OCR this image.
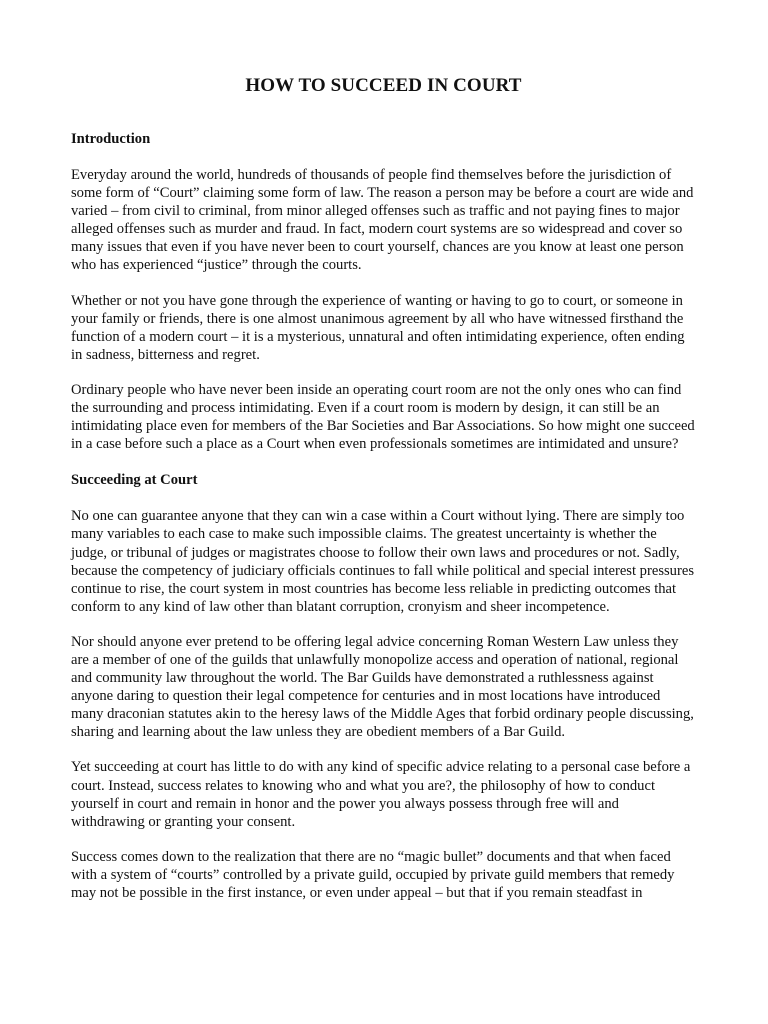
HOW TO SUCCEED IN COURT
Introduction

Everyday around the world, hundreds of thousands of people find themselves before the jurisdiction of some form of “Court” claiming some form of law. The reason a person may be before a court are wide and varied – from civil to criminal, from minor alleged offenses such as traffic and not paying fines to major alleged offenses such as murder and fraud. In fact, modern court systems are so widespread and cover so many issues that even if you have never been to court yourself, chances are you know at least one person who has experienced “justice” through the courts.

Whether or not you have gone through the experience of wanting or having to go to court, or someone in your family or friends, there is one almost unanimous agreement by all who have witnessed firsthand the function of a modern court – it is a mysterious, unnatural and often intimidating experience, often ending in sadness, bitterness and regret.

Ordinary people who have never been inside an operating court room are not the only ones who can find the surrounding and process intimidating. Even if a court room is modern by design, it can still be an intimidating place even for members of the Bar Societies and Bar Associations. So how might one succeed in a case before such a place as a Court when even professionals sometimes are intimidated and unsure?

Succeeding at Court

No one can guarantee anyone that they can win a case within a Court without lying. There are simply too many variables to each case to make such impossible claims. The greatest uncertainty is whether the judge, or tribunal of judges or magistrates choose to follow their own laws and procedures or not. Sadly, because the competency of judiciary officials continues to fall while political and special interest pressures continue to rise, the court system in most countries has become less reliable in predicting outcomes that conform to any kind of law other than blatant corruption, cronyism and sheer incompetence.

Nor should anyone ever pretend to be offering legal advice concerning Roman Western Law unless they are a member of one of the guilds that unlawfully monopolize access and operation of national, regional and community law throughout the world. The Bar Guilds have demonstrated a ruthlessness against anyone daring to question their legal competence for centuries and in most locations have introduced many draconian statutes akin to the heresy laws of the Middle Ages that forbid ordinary people discussing, sharing and learning about the law unless they are obedient members of a Bar Guild.

Yet succeeding at court has little to do with any kind of specific advice relating to a personal case before a court. Instead, success relates to knowing who and what you are?, the philosophy of how to conduct yourself in court and remain in honor and the power you always possess through free will and withdrawing or granting your consent.

Success comes down to the realization that there are no “magic bullet” documents and that when faced with a system of “courts” controlled by a private guild, occupied by private guild members that remedy may not be possible in the first instance, or even under appeal – but that if you remain steadfast in
